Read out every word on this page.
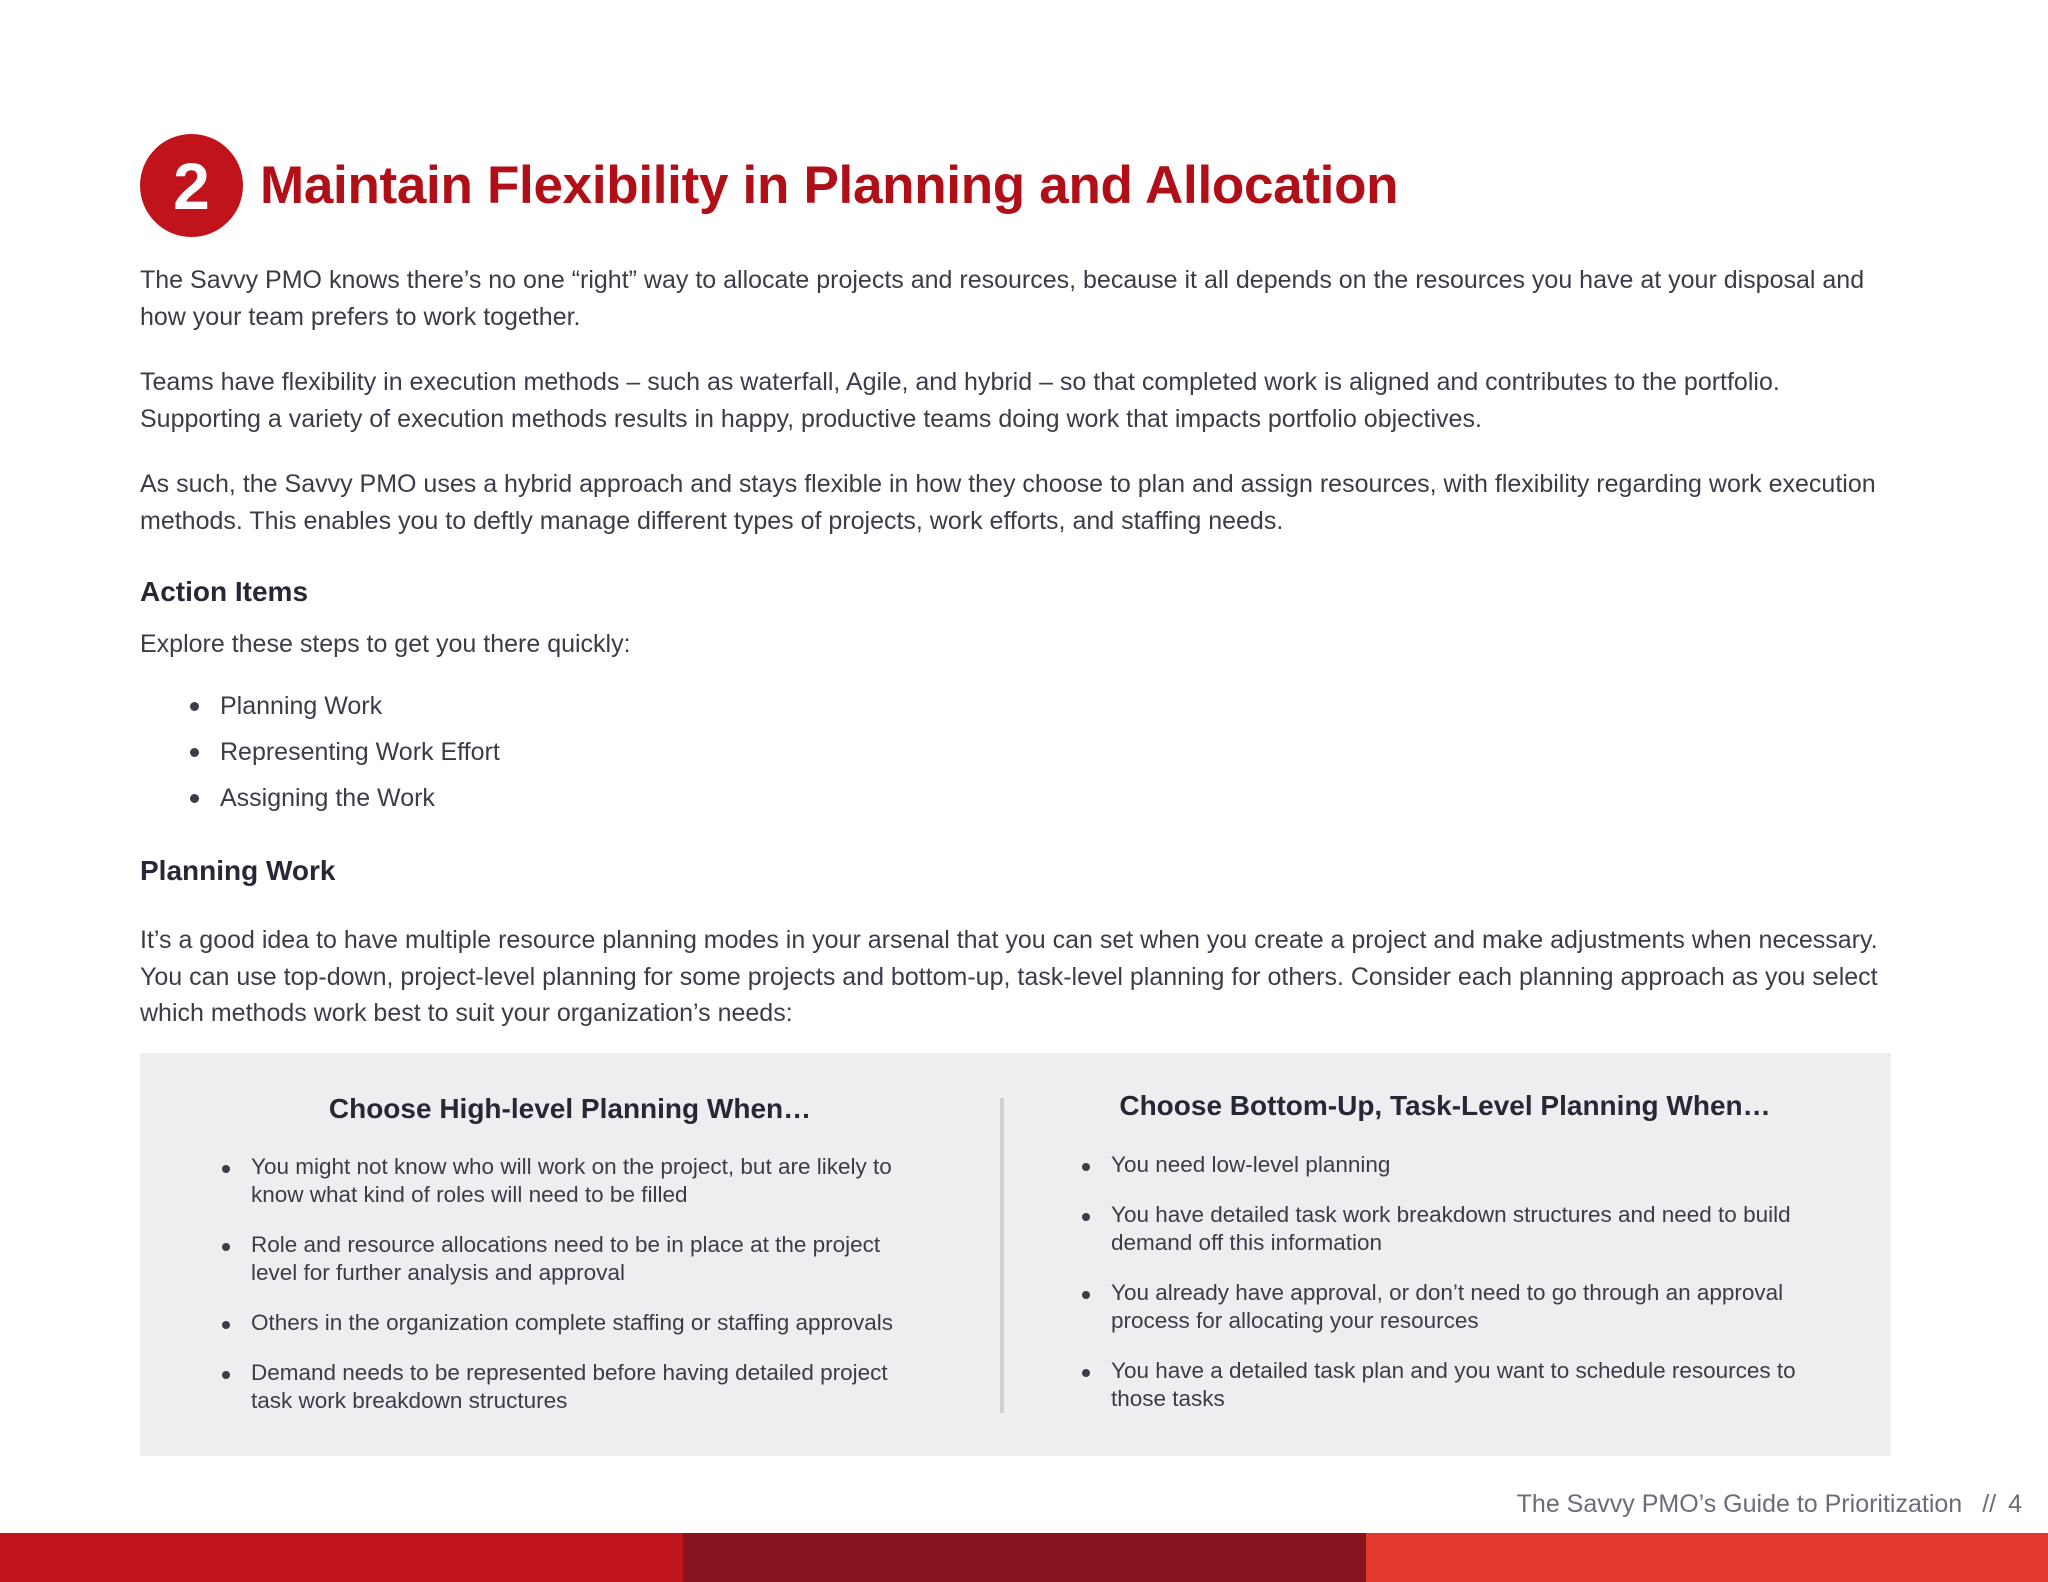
2 Maintain Flexibility in Planning and Allocation

The Savvy PMO knows there’s no one “right” way to allocate projects and resources, because it all depends on the resources you have at your disposal and how your team prefers to work together.

Teams have flexibility in execution methods – such as waterfall, Agile, and hybrid – so that completed work is aligned and contributes to the portfolio. Supporting a variety of execution methods results in happy, productive teams doing work that impacts portfolio objectives.

As such, the Savvy PMO uses a hybrid approach and stays flexible in how they choose to plan and assign resources, with flexibility regarding work execution methods. This enables you to deftly manage different types of projects, work efforts, and staffing needs.

Action Items

Explore these steps to get you there quickly:

Planning Work
Representing Work Effort
Assigning the Work
Planning Work

It’s a good idea to have multiple resource planning modes in your arsenal that you can set when you create a project and make adjustments when necessary. You can use top-down, project-level planning for some projects and bottom-up, task-level planning for others. Consider each planning approach as you select which methods work best to suit your organization’s needs:

Choose High-level Planning When…
You might not know who will work on the project, but are likely to know what kind of roles will need to be filled
Role and resource allocations need to be in place at the project level for further analysis and approval
Others in the organization complete staffing or staffing approvals
Demand needs to be represented before having detailed project task work breakdown structures
Choose Bottom-Up, Task-Level Planning When…
You need low-level planning
You have detailed task work breakdown structures and need to build demand off this information
You already have approval, or don’t need to go through an approval process for allocating your resources
You have a detailed task plan and you want to schedule resources to those tasks

The Savvy PMO’s Guide to Prioritization // 4
